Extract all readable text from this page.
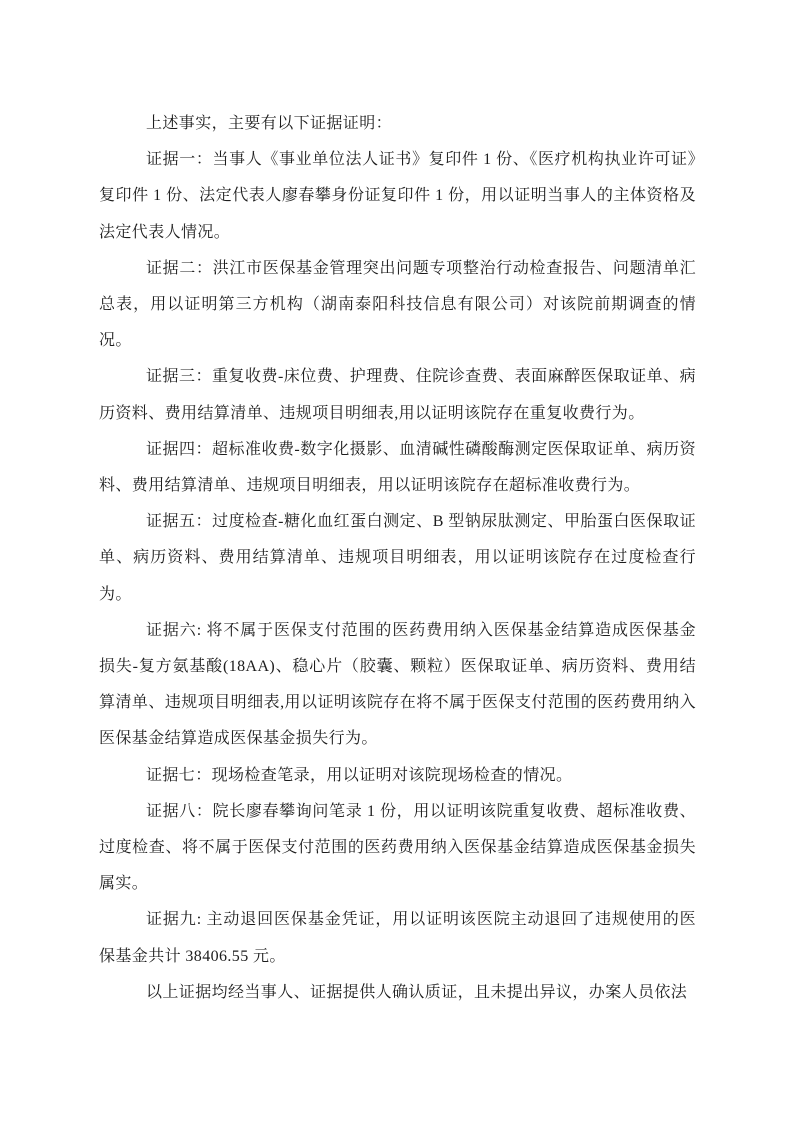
上述事实，主要有以下证据证明：

证据一：当事人《事业单位法人证书》复印件 1 份、《医疗机构执业许可证》复印件 1 份、法定代表人廖春攀身份证复印件 1 份，用以证明当事人的主体资格及法定代表人情况。

证据二：洪江市医保基金管理突出问题专项整治行动检查报告、问题清单汇总表，用以证明第三方机构（湖南泰阳科技信息有限公司）对该院前期调查的情况。

证据三：重复收费-床位费、护理费、住院诊查费、表面麻醉医保取证单、病历资料、费用结算清单、违规项目明细表,用以证明该院存在重复收费行为。

证据四：超标准收费-数字化摄影、血清碱性磷酸酶测定医保取证单、病历资料、费用结算清单、违规项目明细表，用以证明该院存在超标准收费行为。

证据五：过度检查-糖化血红蛋白测定、B 型钠尿肽测定、甲胎蛋白医保取证单、病历资料、费用结算清单、违规项目明细表，用以证明该院存在过度检查行为。

证据六: 将不属于医保支付范围的医药费用纳入医保基金结算造成医保基金损失-复方氨基酸(18AA)、稳心片（胶囊、颗粒）医保取证单、病历资料、费用结算清单、违规项目明细表,用以证明该院存在将不属于医保支付范围的医药费用纳入医保基金结算造成医保基金损失行为。

证据七：现场检查笔录，用以证明对该院现场检查的情况。

证据八：院长廖春攀询问笔录 1 份，用以证明该院重复收费、超标准收费、过度检查、将不属于医保支付范围的医药费用纳入医保基金结算造成医保基金损失属实。

证据九: 主动退回医保基金凭证，用以证明该医院主动退回了违规使用的医保基金共计 38406.55 元。

以上证据均经当事人、证据提供人确认质证，且未提出异议，办案人员依法
